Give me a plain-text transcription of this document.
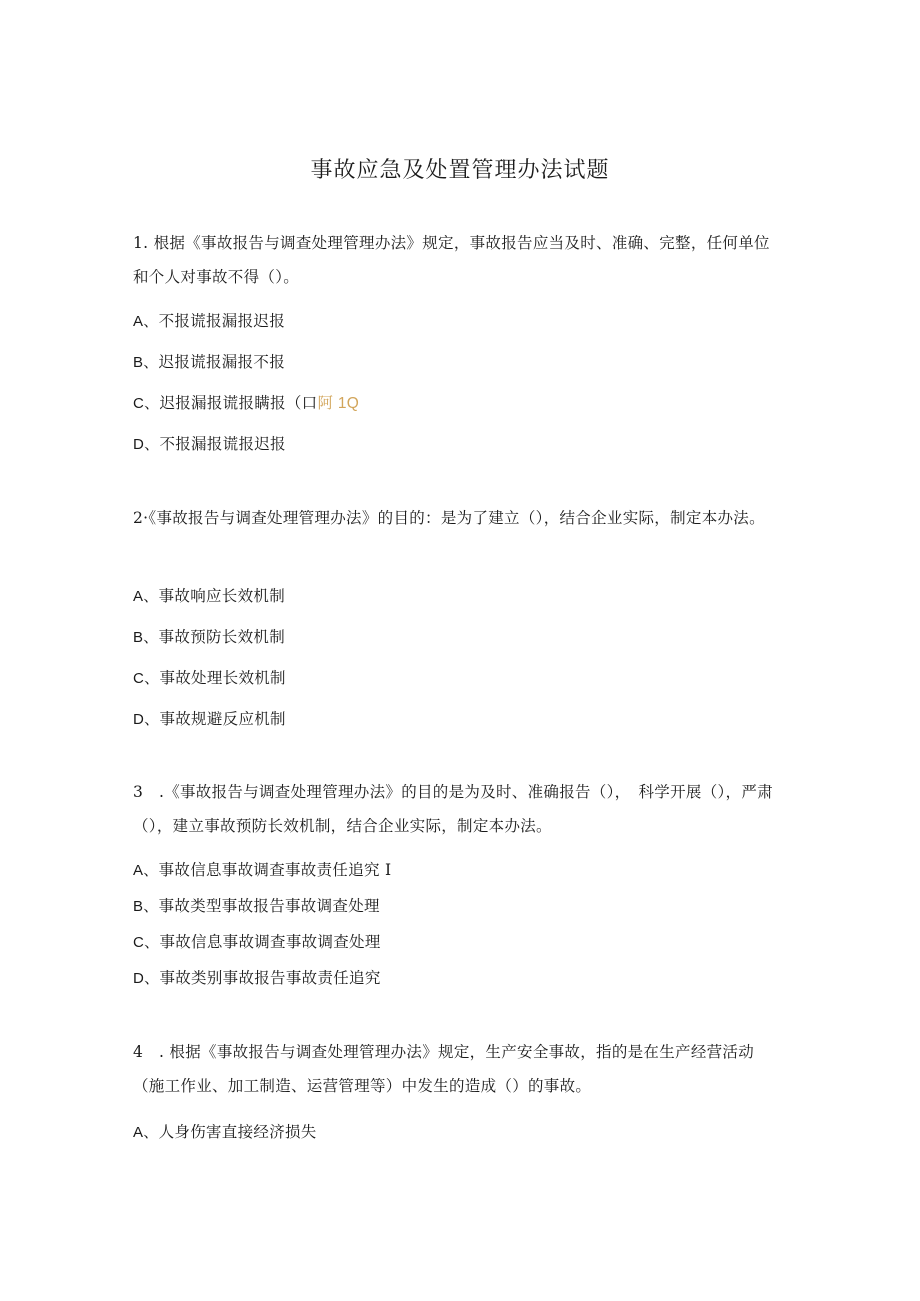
事故应急及处置管理办法试题
1. 根据《事故报告与调查处理管理办法》规定，事故报告应当及时、准确、完整，任何单位和个人对事故不得（）。
A、不报谎报漏报迟报
B、迟报谎报漏报不报
C、迟报漏报谎报瞒报（口阿 1Q
D、不报漏报谎报迟报
2·《事故报告与调查处理管理办法》的目的：是为了建立（），结合企业实际，制定本办法。
A、事故响应长效机制
B、事故预防长效机制
C、事故处理长效机制
D、事故规避反应机制
3　.《事故报告与调查处理管理办法》的目的是为及时、准确报告（），　科学开展（），严肃（），建立事故预防长效机制，结合企业实际，制定本办法。
A、事故信息事故调查事故责任追究 I
B、事故类型事故报告事故调查处理
C、事故信息事故调查事故调查处理
D、事故类别事故报告事故责任追究
4　. 根据《事故报告与调查处理管理办法》规定，生产安全事故，指的是在生产经营活动（施工作业、加工制造、运营管理等）中发生的造成（）的事故。
A、人身伤害直接经济损失
